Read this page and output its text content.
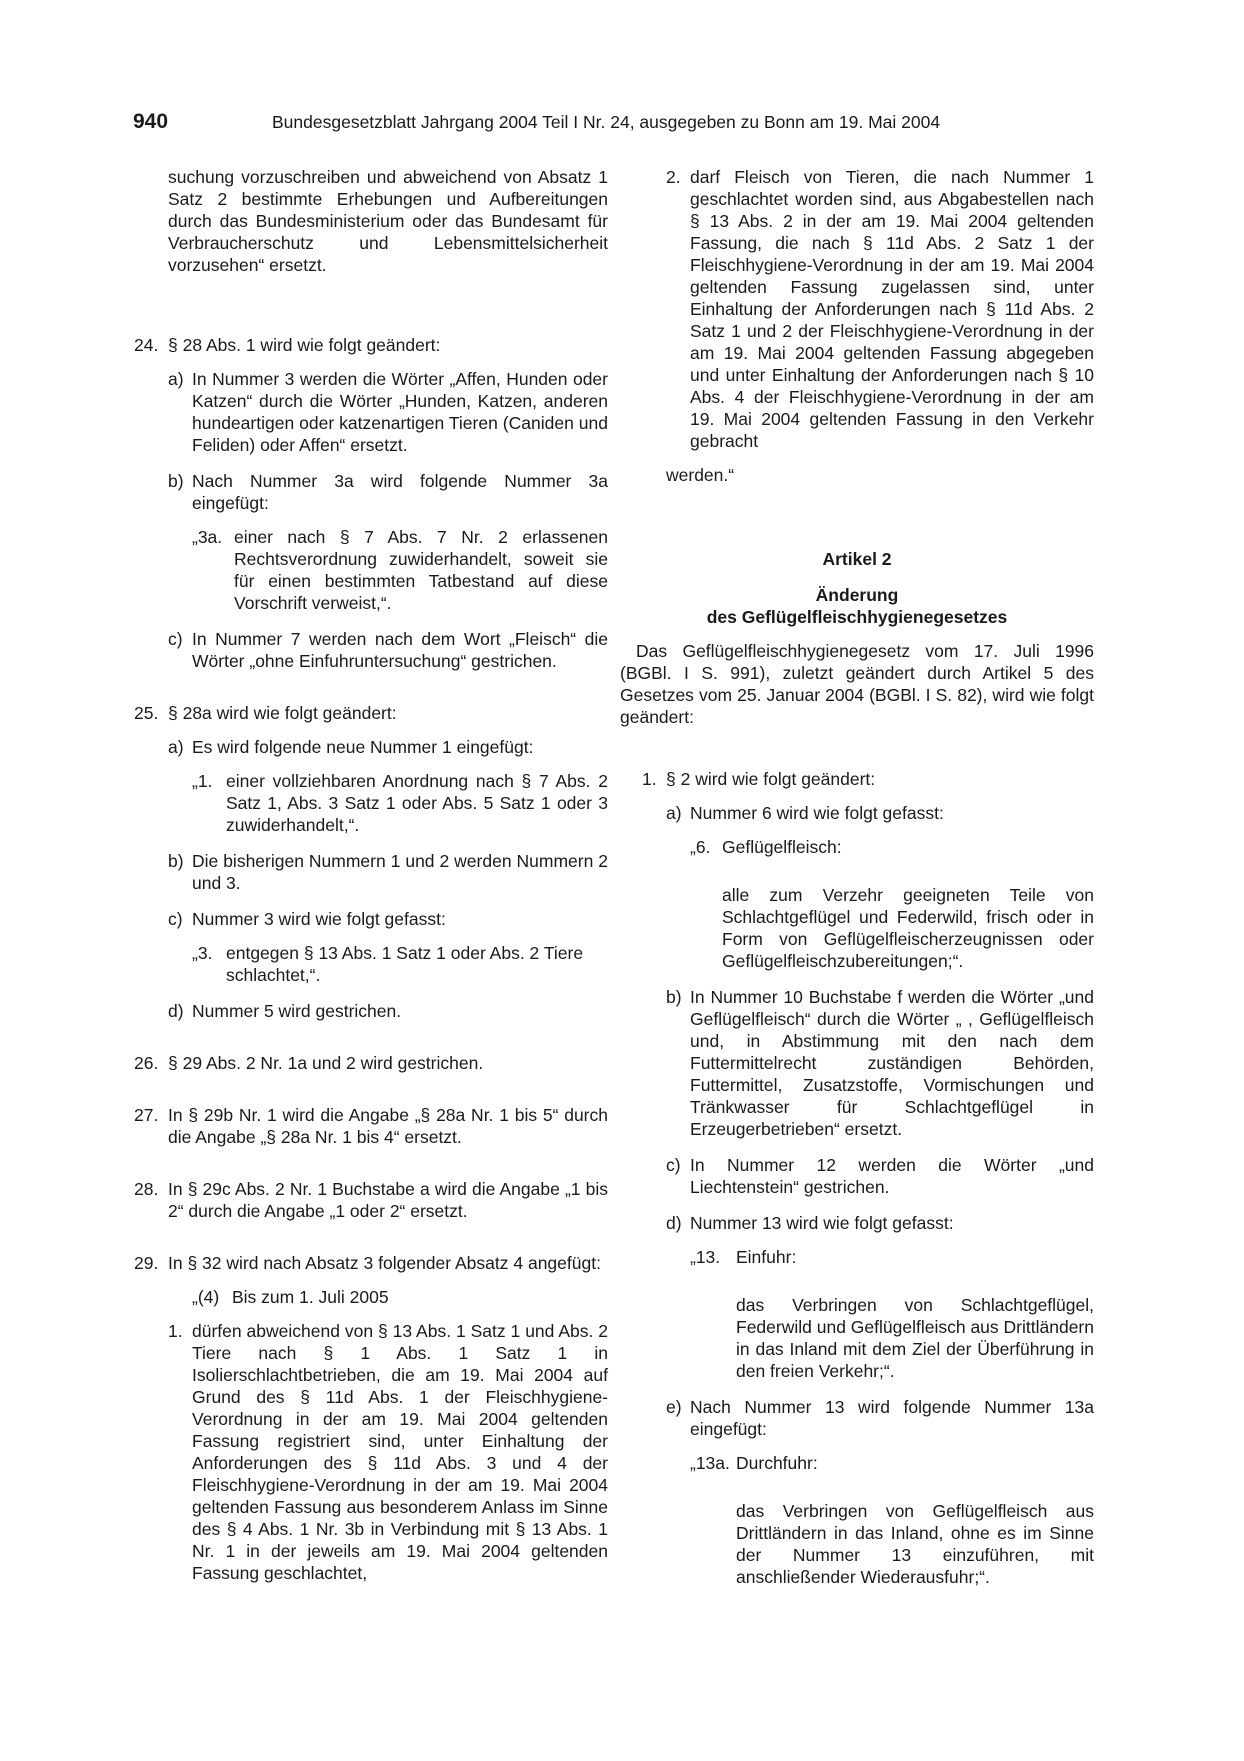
940	Bundesgesetzblatt Jahrgang 2004 Teil I Nr. 24, ausgegeben zu Bonn am 19. Mai 2004

suchung vorzuschreiben und abweichend von Absatz 1 Satz 2 bestimmte Erhebungen und Aufbereitungen durch das Bundesministerium oder das Bundesamt für Verbraucherschutz und Lebensmittelsicherheit vorzusehen“ ersetzt.

24. § 28 Abs. 1 wird wie folgt geändert:
a) In Nummer 3 werden die Wörter „Affen, Hunden oder Katzen“ durch die Wörter „Hunden, Katzen, anderen hundeartigen oder katzenartigen Tieren (Caniden und Feliden) oder Affen“ ersetzt.
b) Nach Nummer 3a wird folgende Nummer 3a eingefügt:
„3a. einer nach § 7 Abs. 7 Nr. 2 erlassenen Rechtsverordnung zuwiderhandelt, soweit sie für einen bestimmten Tatbestand auf diese Vorschrift verweist,“.
c) In Nummer 7 werden nach dem Wort „Fleisch“ die Wörter „ohne Einfuhruntersuchung“ gestrichen.
25. § 28a wird wie folgt geändert:
a) Es wird folgende neue Nummer 1 eingefügt:
„1. einer vollziehbaren Anordnung nach § 7 Abs. 2 Satz 1, Abs. 3 Satz 1 oder Abs. 5 Satz 1 oder 3 zuwiderhandelt,“.
b) Die bisherigen Nummern 1 und 2 werden Nummern 2 und 3.
c) Nummer 3 wird wie folgt gefasst:
„3. entgegen § 13 Abs. 1 Satz 1 oder Abs. 2 Tiere schlachtet,“.
d) Nummer 5 wird gestrichen.
26. § 29 Abs. 2 Nr. 1a und 2 wird gestrichen.
27. In § 29b Nr. 1 wird die Angabe „§ 28a Nr. 1 bis 5“ durch die Angabe „§ 28a Nr. 1 bis 4“ ersetzt.
28. In § 29c Abs. 2 Nr. 1 Buchstabe a wird die Angabe „1 bis 2“ durch die Angabe „1 oder 2“ ersetzt.
29. In § 32 wird nach Absatz 3 folgender Absatz 4 angefügt:
„(4) Bis zum 1. Juli 2005
1. dürfen abweichend von § 13 Abs. 1 Satz 1 und Abs. 2 Tiere nach § 1 Abs. 1 Satz 1 in Isolierschlachtbetrieben, die am 19. Mai 2004 auf Grund des § 11d Abs. 1 der Fleischhygiene-Verordnung in der am 19. Mai 2004 geltenden Fassung registriert sind, unter Einhaltung der Anforderungen des § 11d Abs. 3 und 4 der Fleischhygiene-Verordnung in der am 19. Mai 2004 geltenden Fassung aus besonderem Anlass im Sinne des § 4 Abs. 1 Nr. 3b in Verbindung mit § 13 Abs. 1 Nr. 1 in der jeweils am 19. Mai 2004 geltenden Fassung geschlachtet,
2. darf Fleisch von Tieren, die nach Nummer 1 geschlachtet worden sind, aus Abgabestellen nach § 13 Abs. 2 in der am 19. Mai 2004 geltenden Fassung, die nach § 11d Abs. 2 Satz 1 der Fleischhygiene-Verordnung in der am 19. Mai 2004 geltenden Fassung zugelassen sind, unter Einhaltung der Anforderungen nach § 11d Abs. 2 Satz 1 und 2 der Fleischhygiene-Verordnung in der am 19. Mai 2004 geltenden Fassung abgegeben und unter Einhaltung der Anforderungen nach § 10 Abs. 4 der Fleischhygiene-Verordnung in der am 19. Mai 2004 geltenden Fassung in den Verkehr gebracht

werden.“

Artikel 2

Änderung

des Geflügelfleischhygienegesetzes

Das Geflügelfleischhygienegesetz vom 17. Juli 1996 (BGBl. I S. 991), zuletzt geändert durch Artikel 5 des Gesetzes vom 25. Januar 2004 (BGBl. I S. 82), wird wie folgt geändert:

1. § 2 wird wie folgt geändert:
a) Nummer 6 wird wie folgt gefasst:
„6. Geflügelfleisch:

alle zum Verzehr geeigneten Teile von Schlachtgeflügel und Federwild, frisch oder in Form von Geflügelfleischerzeugnissen oder Geflügelfleischzubereitungen;“.

b) In Nummer 10 Buchstabe f werden die Wörter „und Geflügelfleisch“ durch die Wörter „ , Geflügelfleisch und, in Abstimmung mit den nach dem Futtermittelrecht zuständigen Behörden, Futtermittel, Zusatzstoffe, Vormischungen und Tränkwasser für Schlachtgeflügel in Erzeugerbetrieben“ ersetzt.
c) In Nummer 12 werden die Wörter „und Liechtenstein“ gestrichen.
d) Nummer 13 wird wie folgt gefasst:
„13. Einfuhr:

das Verbringen von Schlachtgeflügel, Federwild und Geflügelfleisch aus Drittländern in das Inland mit dem Ziel der Überführung in den freien Verkehr;“.

e) Nach Nummer 13 wird folgende Nummer 13a eingefügt:
„13a. Durchfuhr:

das Verbringen von Geflügelfleisch aus Drittländern in das Inland, ohne es im Sinne der Nummer 13 einzuführen, mit anschließender Wiederausfuhr;“.
